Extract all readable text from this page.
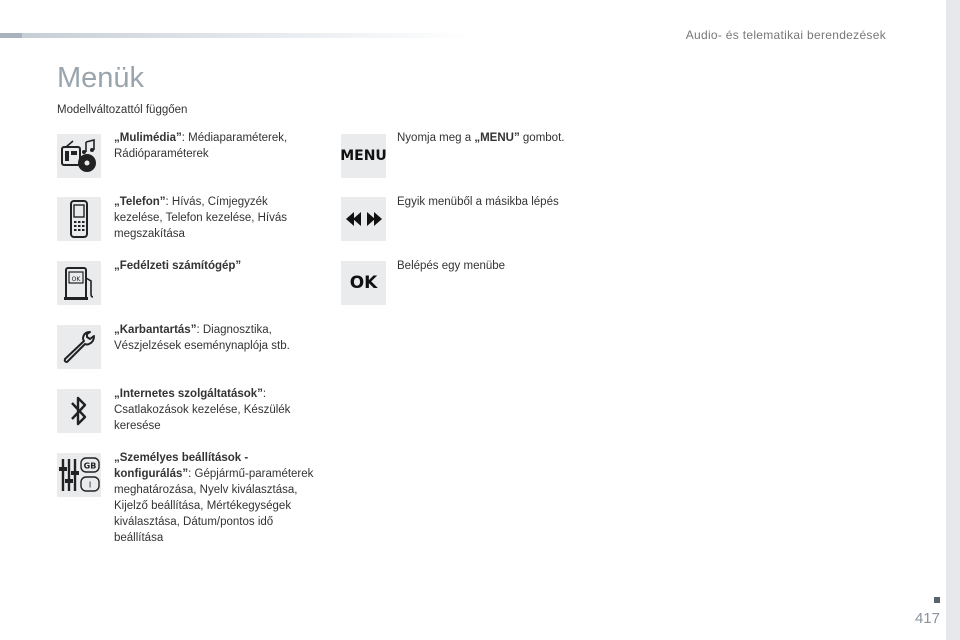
Audio- és telematikai berendezések
Menük
Modellváltozattól függően
„Mulimédia”: Médiaparaméterek, Rádióparaméterek
„Telefon”: Hívás, Címjegyzék kezelése, Telefon kezelése, Hívás megszakítása
OK
„Fedélzeti számítógép”
„Karbantartás”: Diagnosztika, Vészjelzések eseménynaplója stb.
„Internetes szolgáltatások”: Csatlakozások kezelése, Készülék keresése
GB
I
„Személyes beállítások - konfigurálás”: Gépjármű-paraméterek meghatározása, Nyelv kiválasztása, Kijelző beállítása, Mértékegységek kiválasztása, Dátum/pontos idő beállítása
MENU
Nyomja meg a „MENU” gombot.
Egyik menüből a másikba lépés
OK
Belépés egy menübe
417
